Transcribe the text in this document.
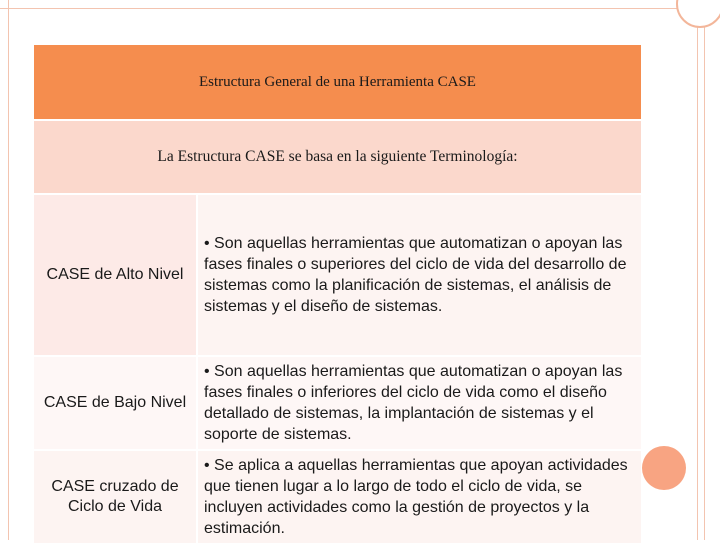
Estructura General de una Herramienta CASE
La Estructura CASE se basa en la siguiente Terminología:
CASE de Alto Nivel
• Son aquellas herramientas que automatizan o apoyan las fases finales o superiores del ciclo de vida del desarrollo de sistemas como la planificación de sistemas, el análisis de sistemas y el diseño de sistemas.
CASE de Bajo Nivel
• Son aquellas herramientas que automatizan o apoyan las fases finales o inferiores del ciclo de vida como el diseño detallado de sistemas, la implantación de sistemas y el soporte de sistemas.
CASE cruzado de Ciclo de Vida
• Se aplica a aquellas herramientas que apoyan actividades que tienen lugar a lo largo de todo el ciclo de vida, se incluyen actividades como la gestión de proyectos y la estimación.
